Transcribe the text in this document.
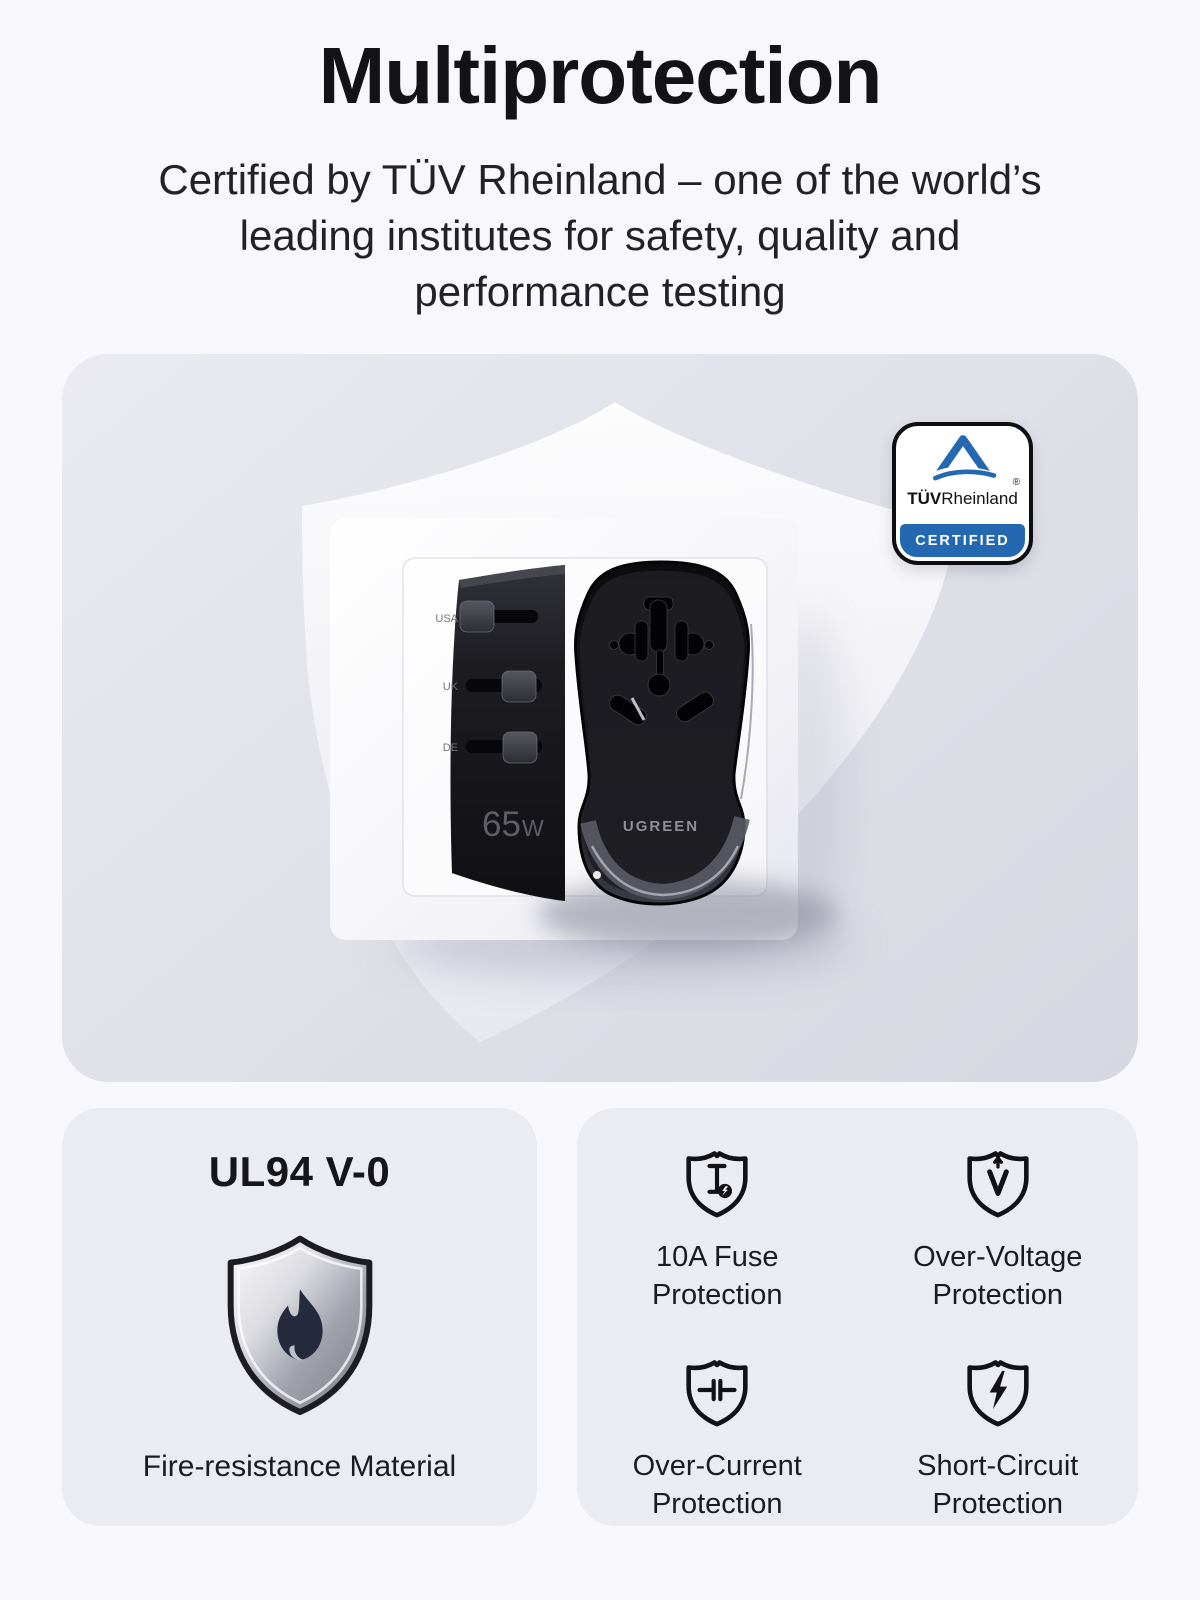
Multiprotection
Certified by TÜV Rheinland – one of the world’s
leading institutes for safety, quality and
performance testing
USA
UK
DE
65 W	UGREEN
®
TÜVRheinland
CERTIFIED
UL94 V-0
Fire-resistance Material
10A Fuse
Protection
Over-Voltage
Protection
Over-Current
Protection
Short-Circuit
Protection
